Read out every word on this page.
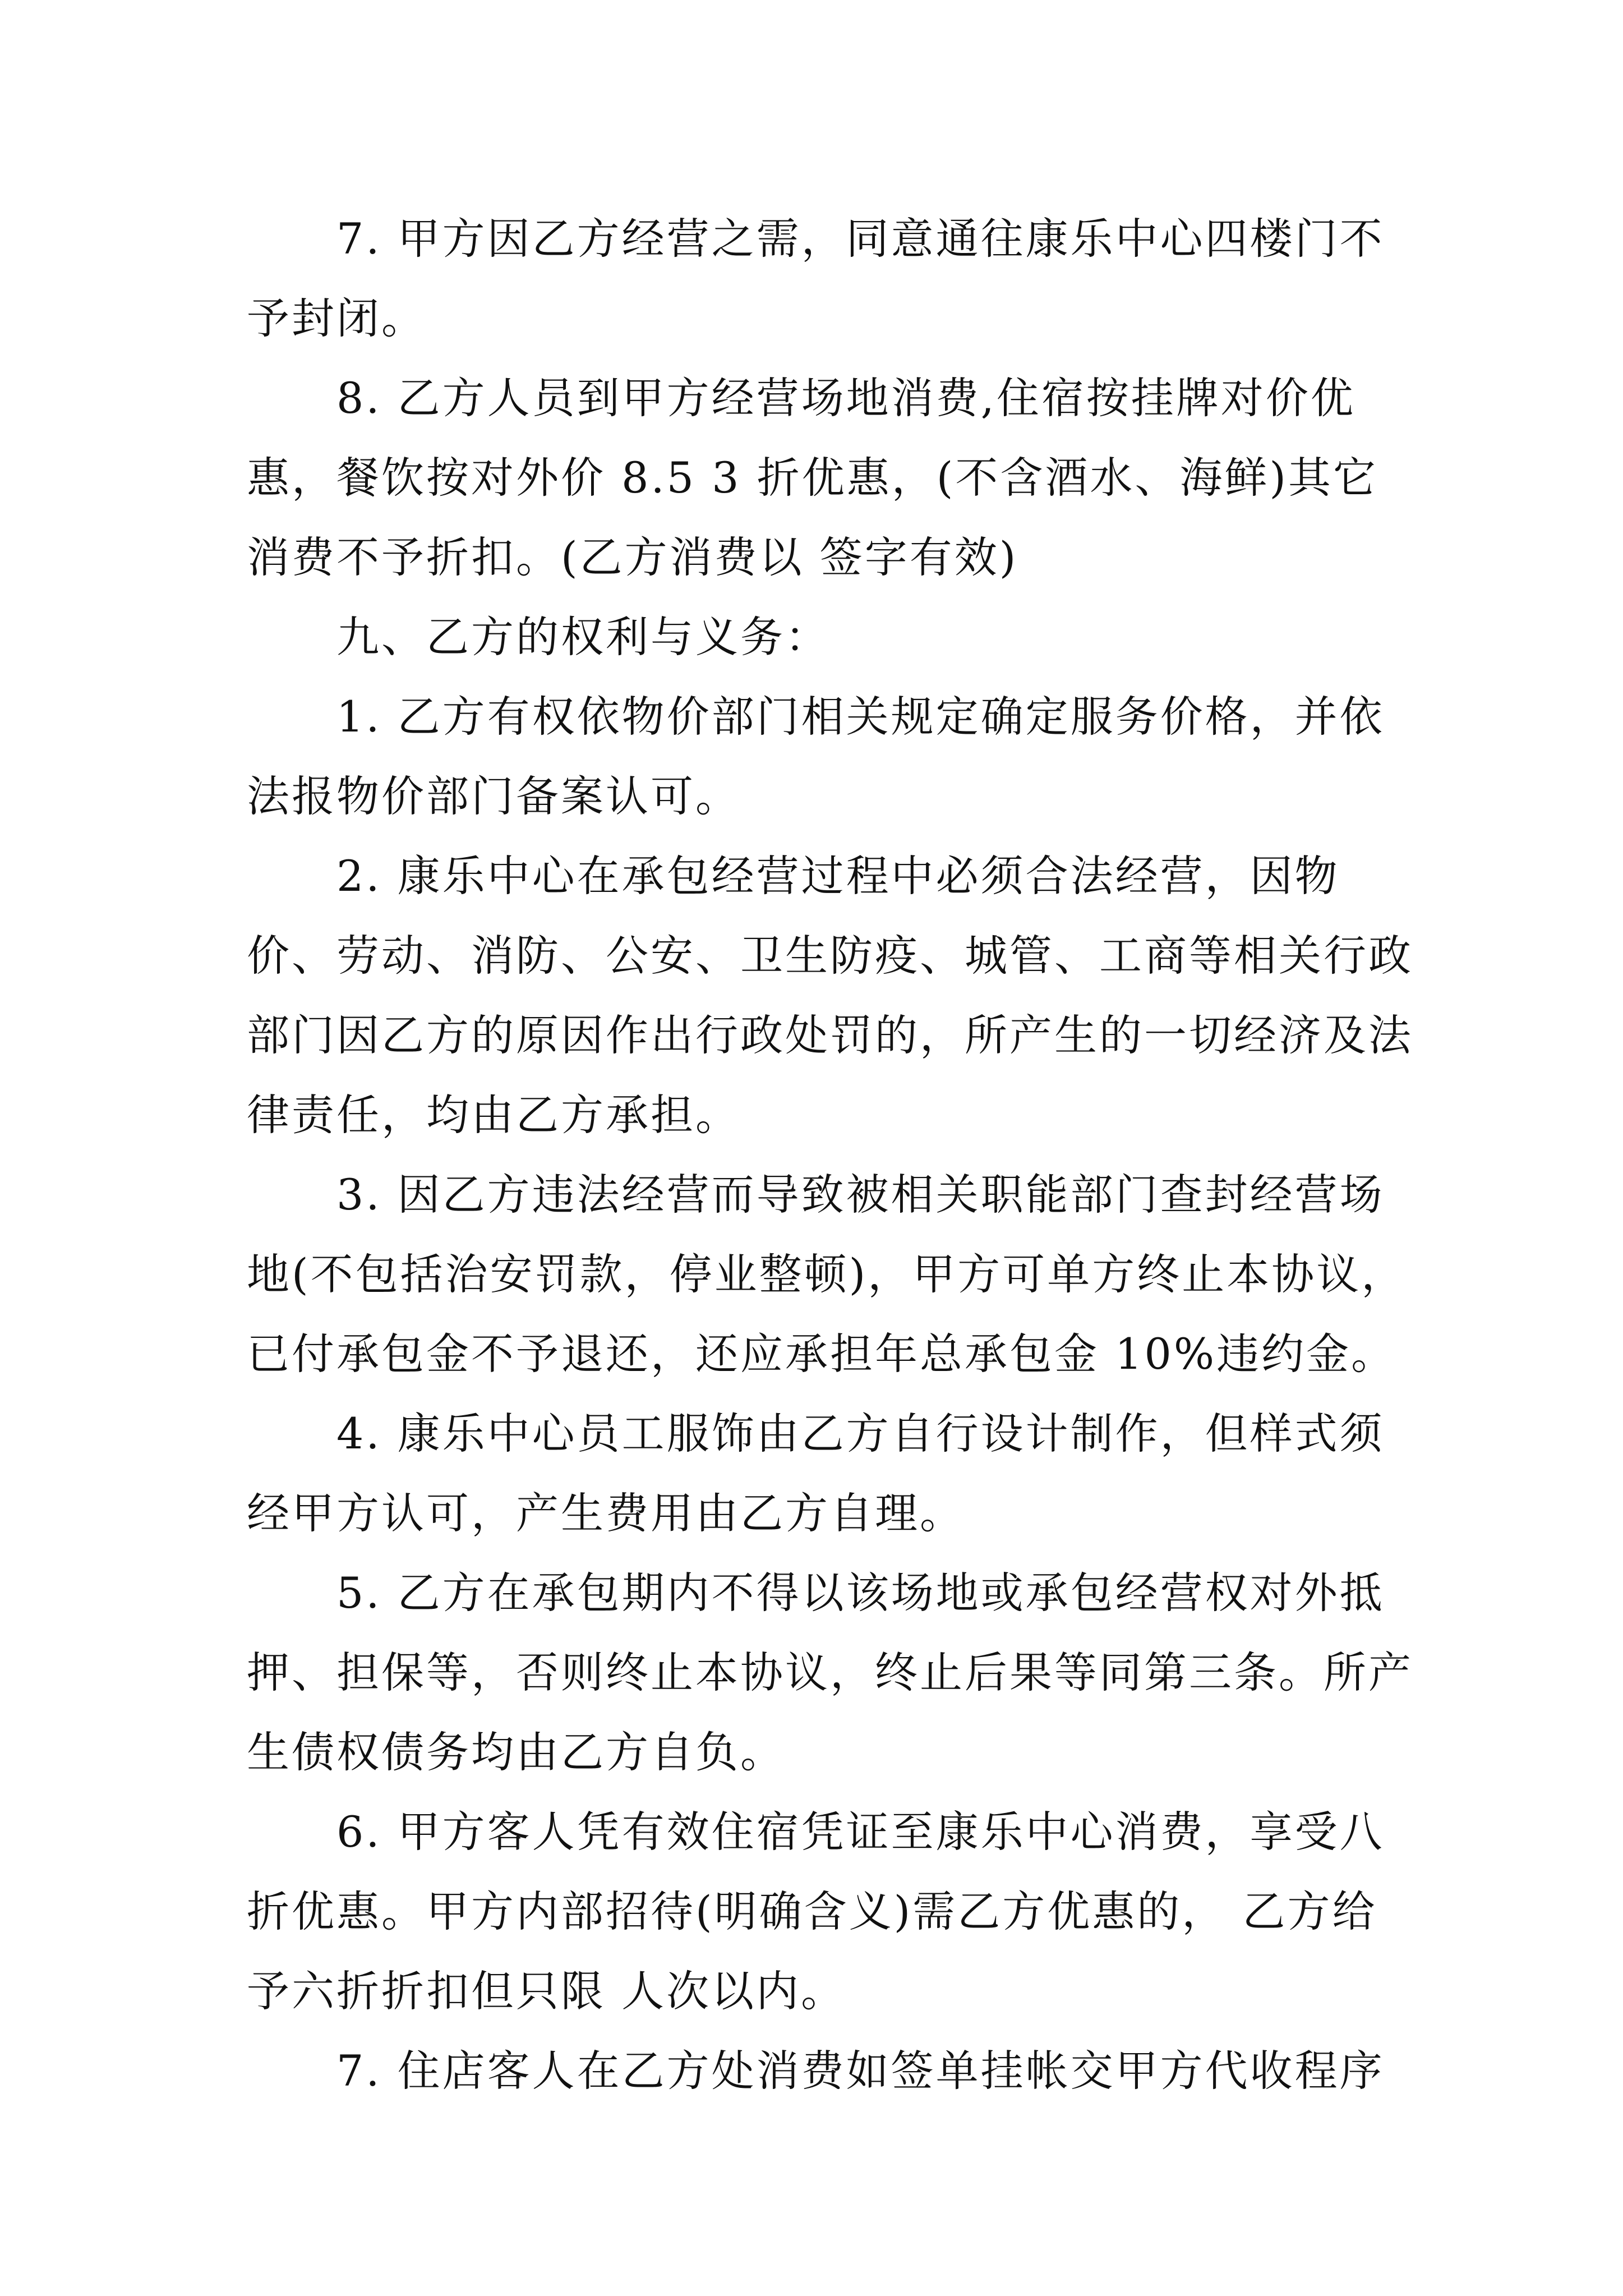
7. 甲方因乙方经营之需，同意通往康乐中心四楼门不予封闭。

8. 乙方人员到甲方经营场地消费,住宿按挂牌对价优惠，餐饮按对外价 8.5 3 折优惠，(不含酒水、海鲜)其它消费不予折扣。(乙方消费以 签字有效)

九、乙方的权利与义务：

1. 乙方有权依物价部门相关规定确定服务价格，并依法报物价部门备案认可。

2. 康乐中心在承包经营过程中必须合法经营，因物价、劳动、消防、公安、卫生防疫、城管、工商等相关行政部门因乙方的原因作出行政处罚的，所产生的一切经济及法律责任，均由乙方承担。

3. 因乙方违法经营而导致被相关职能部门查封经营场地(不包括治安罚款，停业整顿)，甲方可单方终止本协议，已付承包金不予退还，还应承担年总承包金 10%违约金。

4. 康乐中心员工服饰由乙方自行设计制作，但样式须经甲方认可，产生费用由乙方自理。

5. 乙方在承包期内不得以该场地或承包经营权对外抵押、担保等，否则终止本协议，终止后果等同第三条。所产生债权债务均由乙方自负。

6. 甲方客人凭有效住宿凭证至康乐中心消费，享受八折优惠。甲方内部招待(明确含义)需乙方优惠的， 乙方给予六折折扣但只限 人次以内。

7. 住店客人在乙方处消费如签单挂帐交甲方代收程序
